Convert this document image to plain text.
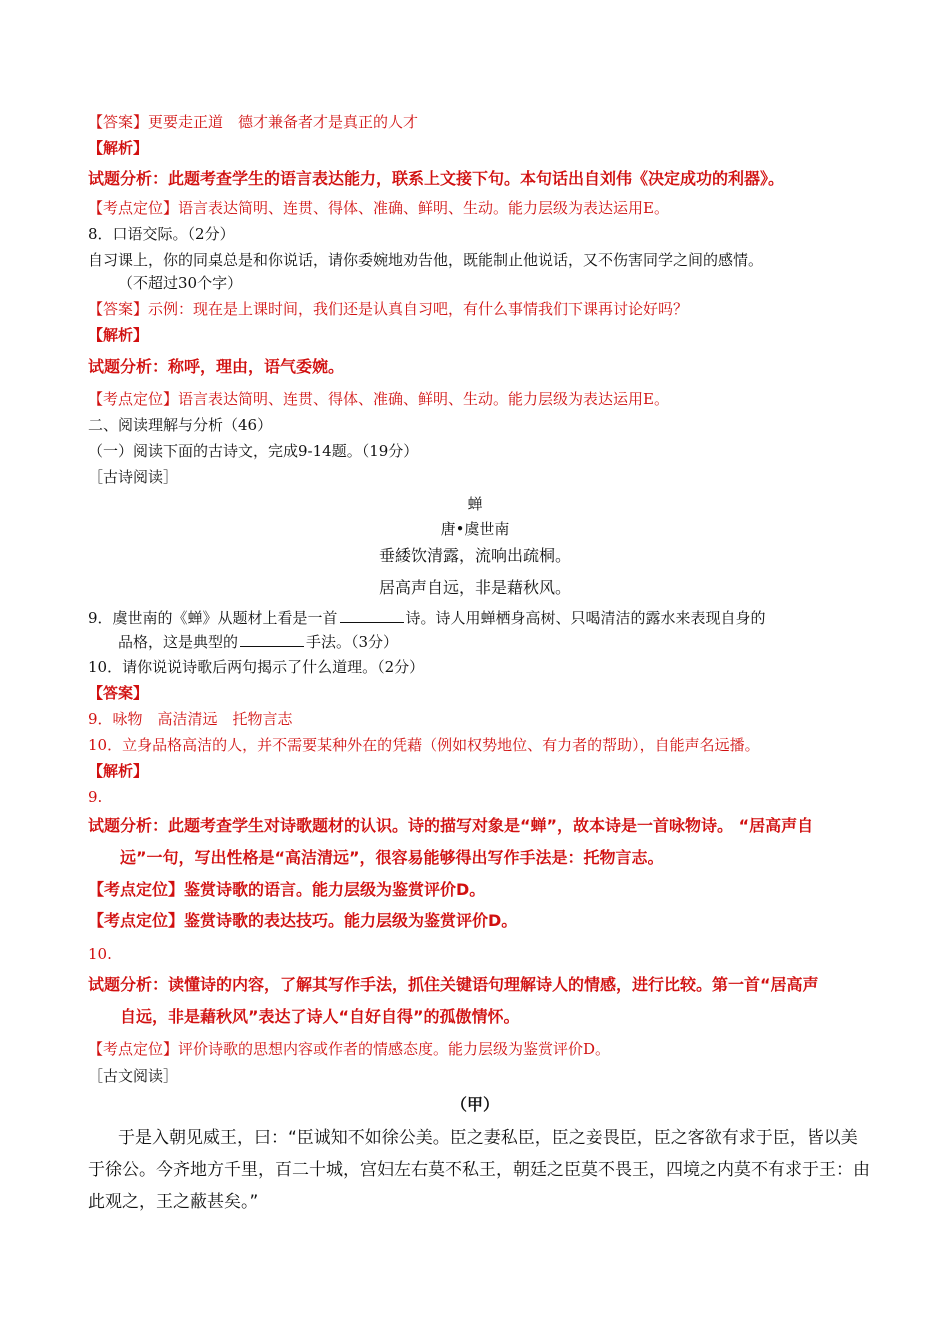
【答案】更要走正道　德才兼备者才是真正的人才
【解析】
试题分析：此题考查学生的语言表达能力，联系上文接下句。本句话出自刘伟《决定成功的利器》。
【考点定位】语言表达简明、连贯、得体、准确、鲜明、生动。能力层级为表达运用E。
8．口语交际。（2分）
自习课上，你的同桌总是和你说话，请你委婉地劝告他，既能制止他说话，又不伤害同学之间的感情。
（不超过30个字）
【答案】示例：现在是上课时间，我们还是认真自习吧，有什么事情我们下课再讨论好吗？
【解析】
试题分析：称呼，理由，语气委婉。
【考点定位】语言表达简明、连贯、得体、准确、鲜明、生动。能力层级为表达运用E。
二、阅读理解与分析（46）
（一）阅读下面的古诗文，完成9-14题。（19分）
［古诗阅读］
蝉
唐•虞世南
垂緌饮清露，流响出疏桐。
居高声自远，非是藉秋风。
9．虞世南的《蝉》从题材上看是一首	诗。诗人用蝉栖身高树、只喝清洁的露水来表现自身的
品格，这是典型的	手法。（3分）
10．请你说说诗歌后两句揭示了什么道理。（2分）
【答案】
9．咏物　高洁清远　托物言志
10．立身品格高洁的人，并不需要某种外在的凭藉（例如权势地位、有力者的帮助），自能声名远播。
【解析】
9.
试题分析：此题考查学生对诗歌题材的认识。诗的描写对象是“蝉”，故本诗是一首咏物诗。 “居高声自
远”一句，写出性格是“高洁清远”，很容易能够得出写作手法是：托物言志。
【考点定位】鉴赏诗歌的语言。能力层级为鉴赏评价D。
【考点定位】鉴赏诗歌的表达技巧。能力层级为鉴赏评价D。
10.
试题分析：读懂诗的内容，了解其写作手法，抓住关键语句理解诗人的情感，进行比较。第一首“居高声
自远，非是藉秋风”表达了诗人“自好自得”的孤傲情怀。
【考点定位】评价诗歌的思想内容或作者的情感态度。能力层级为鉴赏评价D。
［古文阅读］
（甲）
于是入朝见威王，曰：“臣诚知不如徐公美。臣之妻私臣，臣之妾畏臣，臣之客欲有求于臣，皆以美
于徐公。今齐地方千里，百二十城，宫妇左右莫不私王，朝廷之臣莫不畏王，四境之内莫不有求于王：由
此观之，王之蔽甚矣。”
